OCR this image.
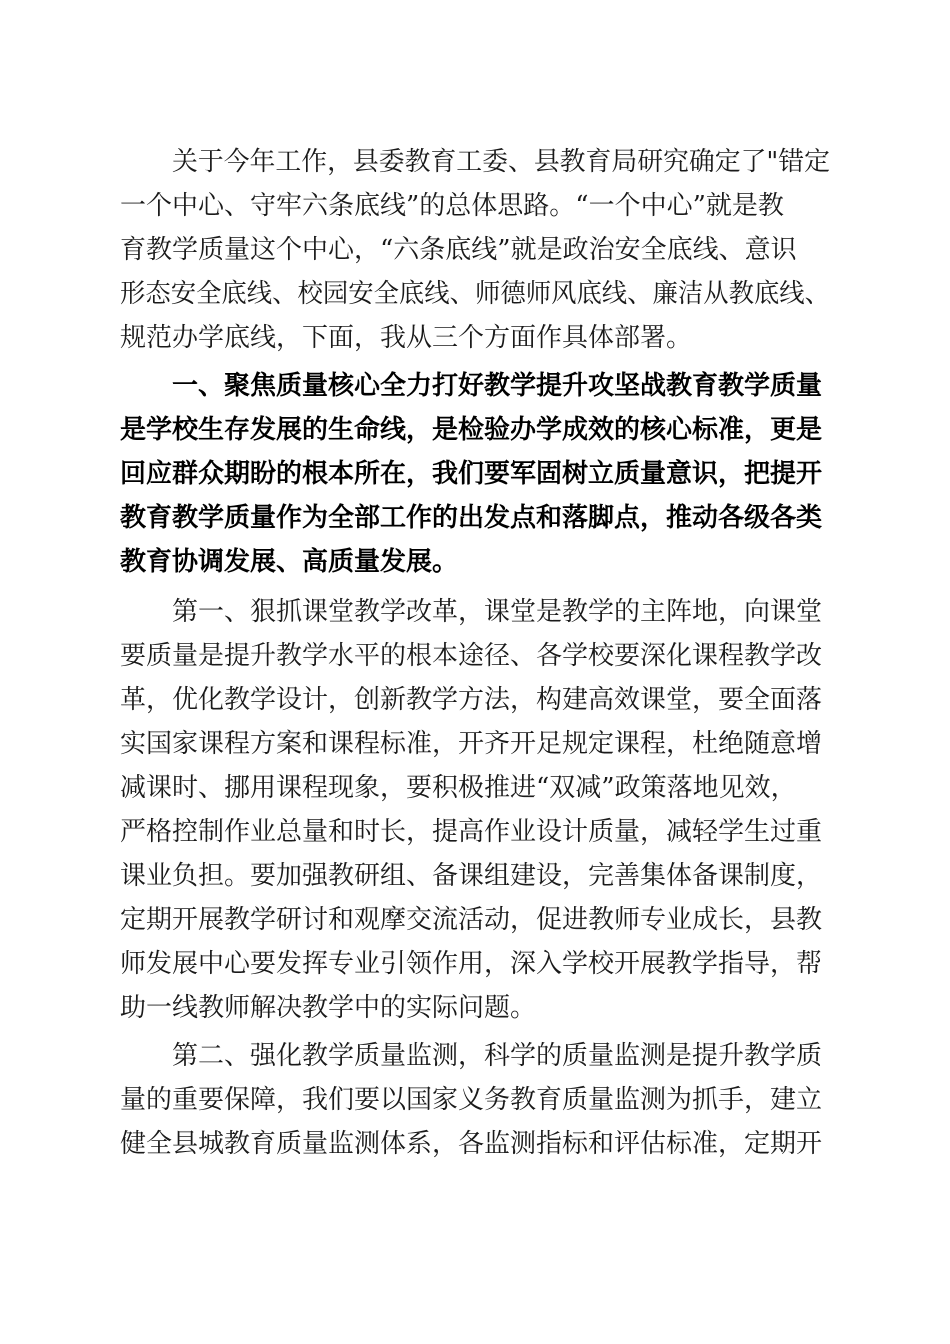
关于今年工作，县委教育工委、县教育局研究确定了"错定
一个中心、守牢六条底线”的总体思路。“一个中心”就是教
育教学质量这个中心，“六条底线”就是政治安全底线、意识
形态安全底线、校园安全底线、师德师风底线、廉洁从教底线、
规范办学底线，下面，我从三个方面作具体部署。
一、聚焦质量核心全力打好教学提升攻坚战教育教学质量
是学校生存发展的生命线，是检验办学成效的核心标准，更是
回应群众期盼的根本所在，我们要军固树立质量意识，把提开
教育教学质量作为全部工作的出发点和落脚点，推动各级各类
教育协调发展、高质量发展。
第一、狠抓课堂教学改革，课堂是教学的主阵地，向课堂
要质量是提升教学水平的根本途径、各学校要深化课程教学改
革，优化教学设计，创新教学方法，构建高效课堂，要全面落
实国家课程方案和课程标准，开齐开足规定课程，杜绝随意增
减课时、挪用课程现象，要积极推进“双减”政策落地见效，
严格控制作业总量和时长，提高作业设计质量，减轻学生过重
课业负担。要加强教研组、备课组建设，完善集体备课制度，
定期开展教学研讨和观摩交流活动，促进教师专业成长，县教
师发展中心要发挥专业引领作用，深入学校开展教学指导，帮
助一线教师解决教学中的实际问题。
第二、强化教学质量监测，科学的质量监测是提升教学质
量的重要保障，我们要以国家义务教育质量监测为抓手，建立
健全县城教育质量监测体系，各监测指标和评估标准，定期开
